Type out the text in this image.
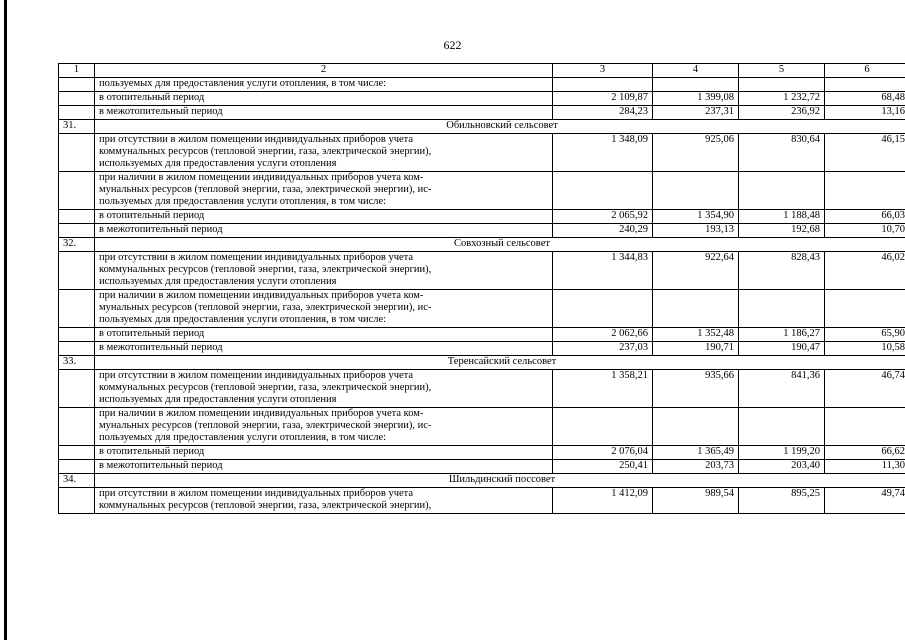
622
1	2	3	4	5	6

	пользуемых для предоставления услуги отопления, в том числе:				

	в отопительный период	2 109,87	1 399,08	1 232,72	68,48
	в межотопительный период	284,23	237,31	236,92	13,16
31.	Обильновский сельсовет				

	при отсутствии в жилом помещении индивидуальных приборов учета
коммунальных ресурсов (тепловой энергии, газа, электрической энергии),
используемых для предоставления услуги отопления	1 348,09	925,06	830,64	46,15

	при наличии в жилом помещении индивидуальных приборов учета ком-
мунальных ресурсов (тепловой энергии, газа, электрической энергии), ис-
пользуемых для предоставления услуги отопления, в том числе:				

	в отопительный период	2 065,92	1 354,90	1 188,48	66,03
	в межотопительный период	240,29	193,13	192,68	10,70
32.	Совхозный сельсовет				

	при отсутствии в жилом помещении индивидуальных приборов учета
коммунальных ресурсов (тепловой энергии, газа, электрической энергии),
используемых для предоставления услуги отопления	1 344,83	922,64	828,43	46,02

	при наличии в жилом помещении индивидуальных приборов учета ком-
мунальных ресурсов (тепловой энергии, газа, электрической энергии), ис-
пользуемых для предоставления услуги отопления, в том числе:				

	в отопительный период	2 062,66	1 352,48	1 186,27	65,90
	в межотопительный период	237,03	190,71	190,47	10,58
33.	Теренсайский сельсовет				

	при отсутствии в жилом помещении индивидуальных приборов учета
коммунальных ресурсов (тепловой энергии, газа, электрической энергии),
используемых для предоставления услуги отопления	1 358,21	935,66	841,36	46,74

	при наличии в жилом помещении индивидуальных приборов учета ком-
мунальных ресурсов (тепловой энергии, газа, электрической энергии), ис-
пользуемых для предоставления услуги отопления, в том числе:				

	в отопительный период	2 076,04	1 365,49	1 199,20	66,62
	в межотопительный период	250,41	203,73	203,40	11,30
34.	Шильдинский поссовет				

	при отсутствии в жилом помещении индивидуальных приборов учета
коммунальных ресурсов (тепловой энергии, газа, электрической энергии),	1 412,09	989,54	895,25	49,74
